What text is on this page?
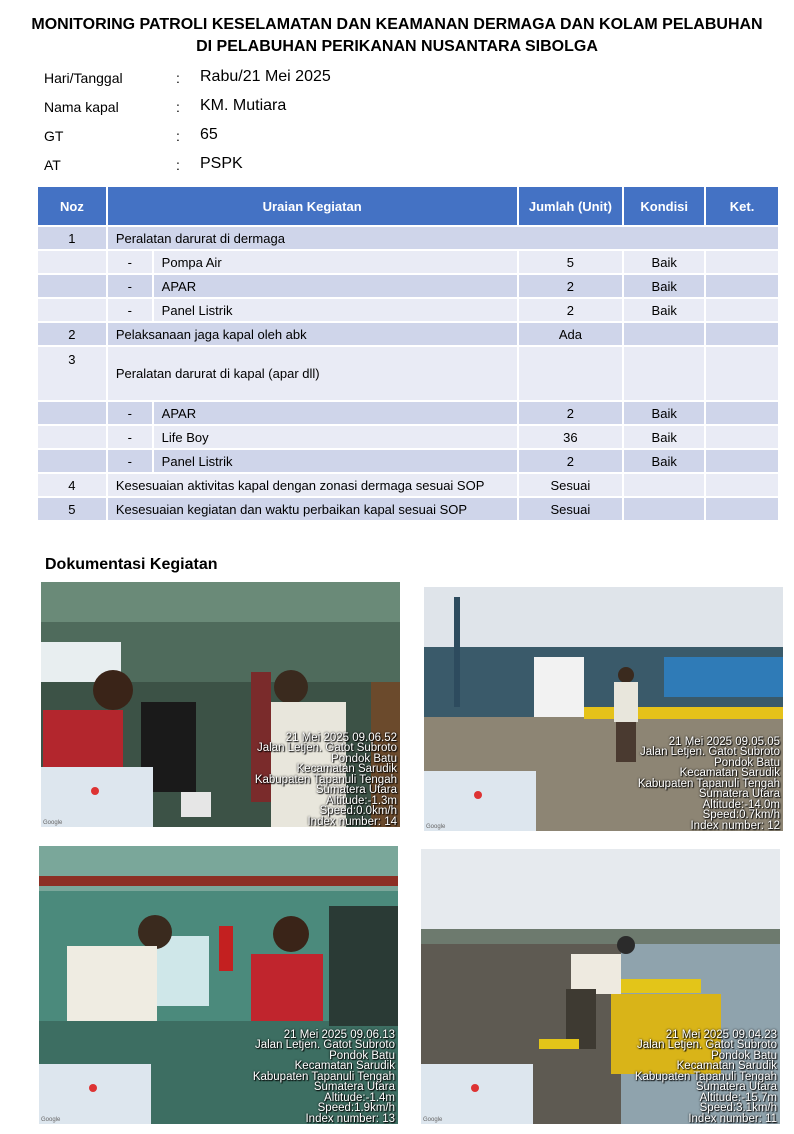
MONITORING PATROLI KESELAMATAN DAN KEAMANAN DERMAGA DAN KOLAM PELABUHAN
DI PELABUHAN PERIKANAN NUSANTARA SIBOLGA
Hari/Tanggal	: Rabu/21 Mei 2025
Nama kapal	: KM. Mutiara
GT	: 65
AT	: PSPK
Noz	Uraian Kegiatan		Jumlah (Unit)	Kondisi	Ket.
1	Peralatan darurat di dermaga				
	-	Pompa Air	5	Baik	
	-	APAR	2	Baik	
	-	Panel Listrik	2	Baik	
2	Pelaksanaan jaga kapal oleh abk		Ada		
3	Peralatan darurat di kapal (apar dll)				
	-	APAR	2	Baik	
	-	Life Boy	36	Baik	
	-	Panel Listrik	2	Baik	
4	Kesesuaian aktivitas kapal dengan zonasi dermaga sesuai SOP		Sesuai		
5	Kesesuaian kegiatan dan waktu perbaikan kapal sesuai SOP		Sesuai		
Dokumentasi Kegiatan
Google
21 Mei 2025 09.06.52
Jalan Letjen. Gatot Subroto
Pondok Batu
Kecamatan Sarudik
Kabupaten Tapanuli Tengah
Sumatera Utara
Altitude:-1.3m
Speed:0.0km/h
Index number: 14	Google
21 Mei 2025 09.05.05
Jalan Letjen. Gatot Subroto
Pondok Batu
Kecamatan Sarudik
Kabupaten Tapanuli Tengah
Sumatera Utara
Altitude:-14.0m
Speed:0.7km/h
Index number: 12
Google
21 Mei 2025 09.06.13
Jalan Letjen. Gatot Subroto
Pondok Batu
Kecamatan Sarudik
Kabupaten Tapanuli Tengah
Sumatera Utara
Altitude:-1.4m
Speed:1.9km/h
Index number: 13	Google
21 Mei 2025 09.04.23
Jalan Letjen. Gatot Subroto
Pondok Batu
Kecamatan Sarudik
Kabupaten Tapanuli Tengah
Sumatera Utara
Altitude:-15.7m
Speed:3.1km/h
Index number: 11
